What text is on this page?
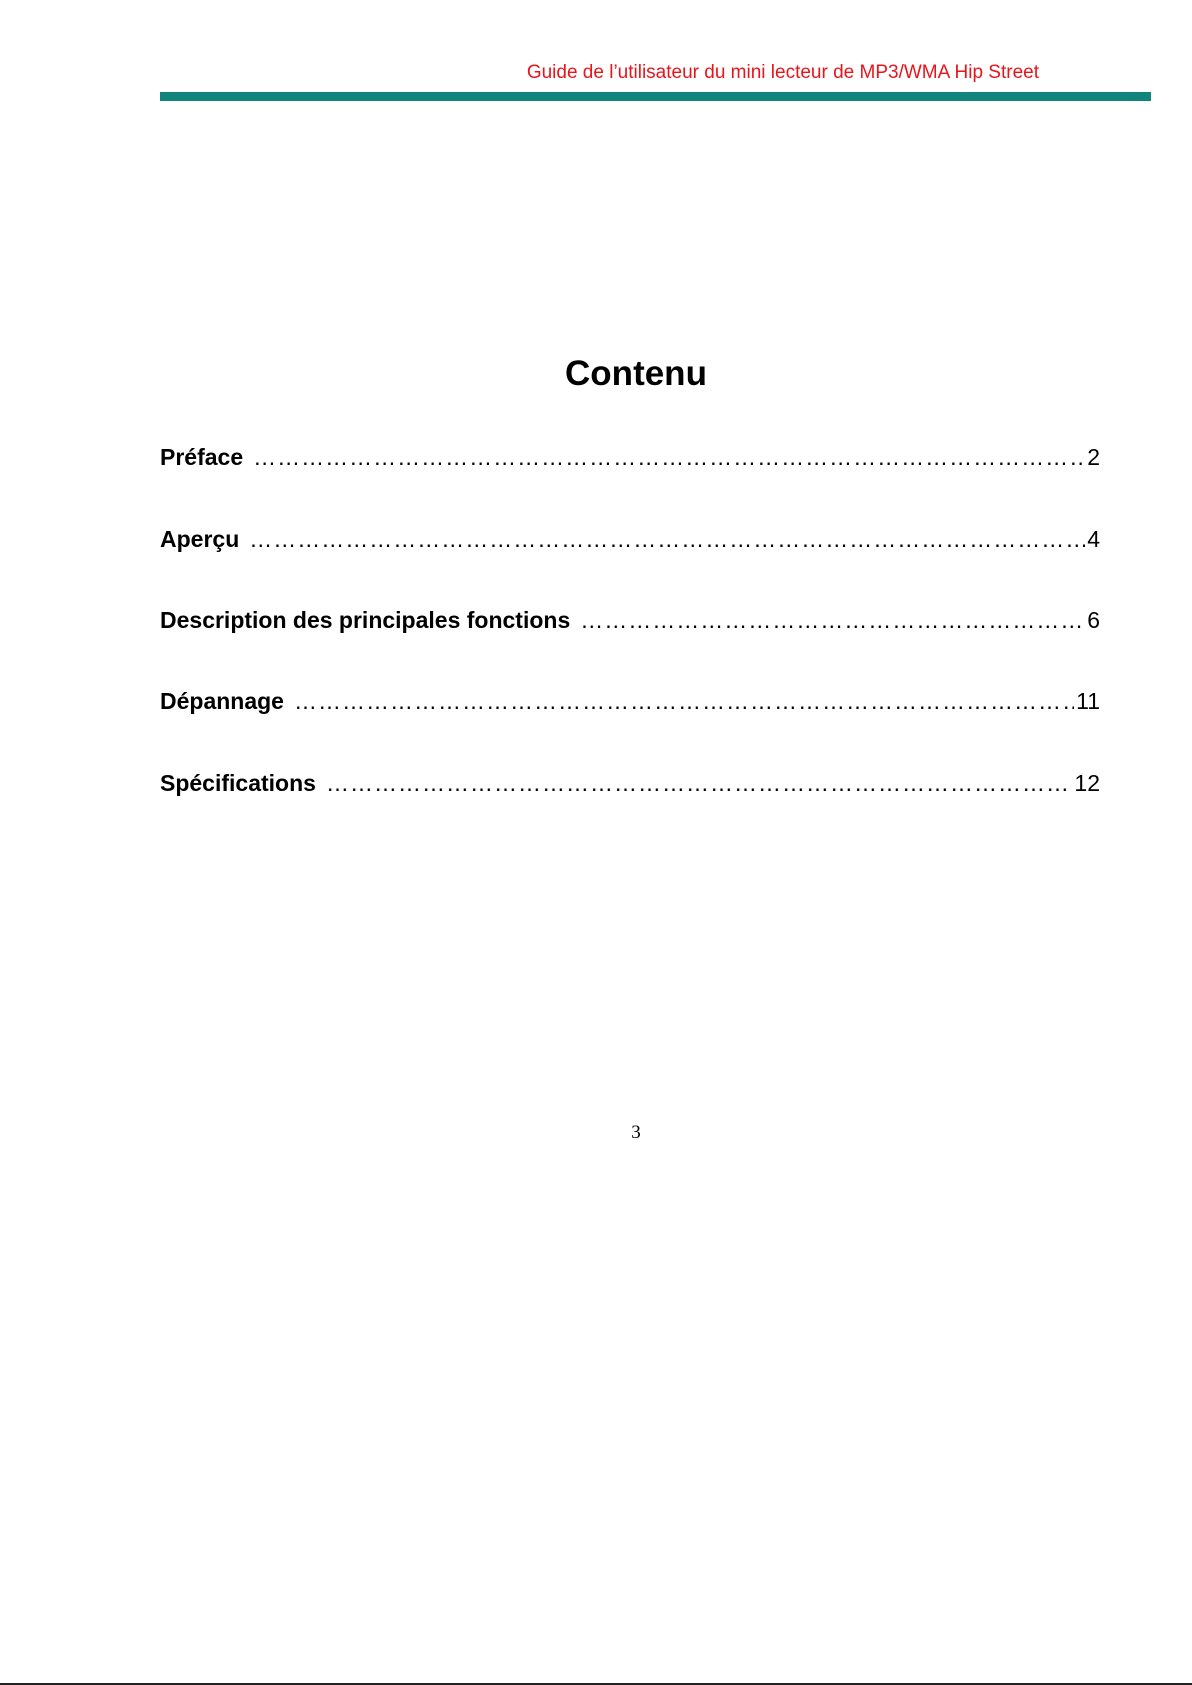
Guide de l’utilisateur du mini lecteur de MP3/WMA Hip Street
Contenu
Préface ……………………………………………………………………………………………………………………………………………………………………………………………	2
Aperçu ……………………………………………………………………………………………………………………………………………………………………………………………	4
Description des principales fonctions ……………………………………………………………………………………………………………………………………………………………………………………………	6
Dépannage ……………………………………………………………………………………………………………………………………………………………………………………………	11
Spécifications ……………………………………………………………………………………………………………………………………………………………………………………………	12
3
